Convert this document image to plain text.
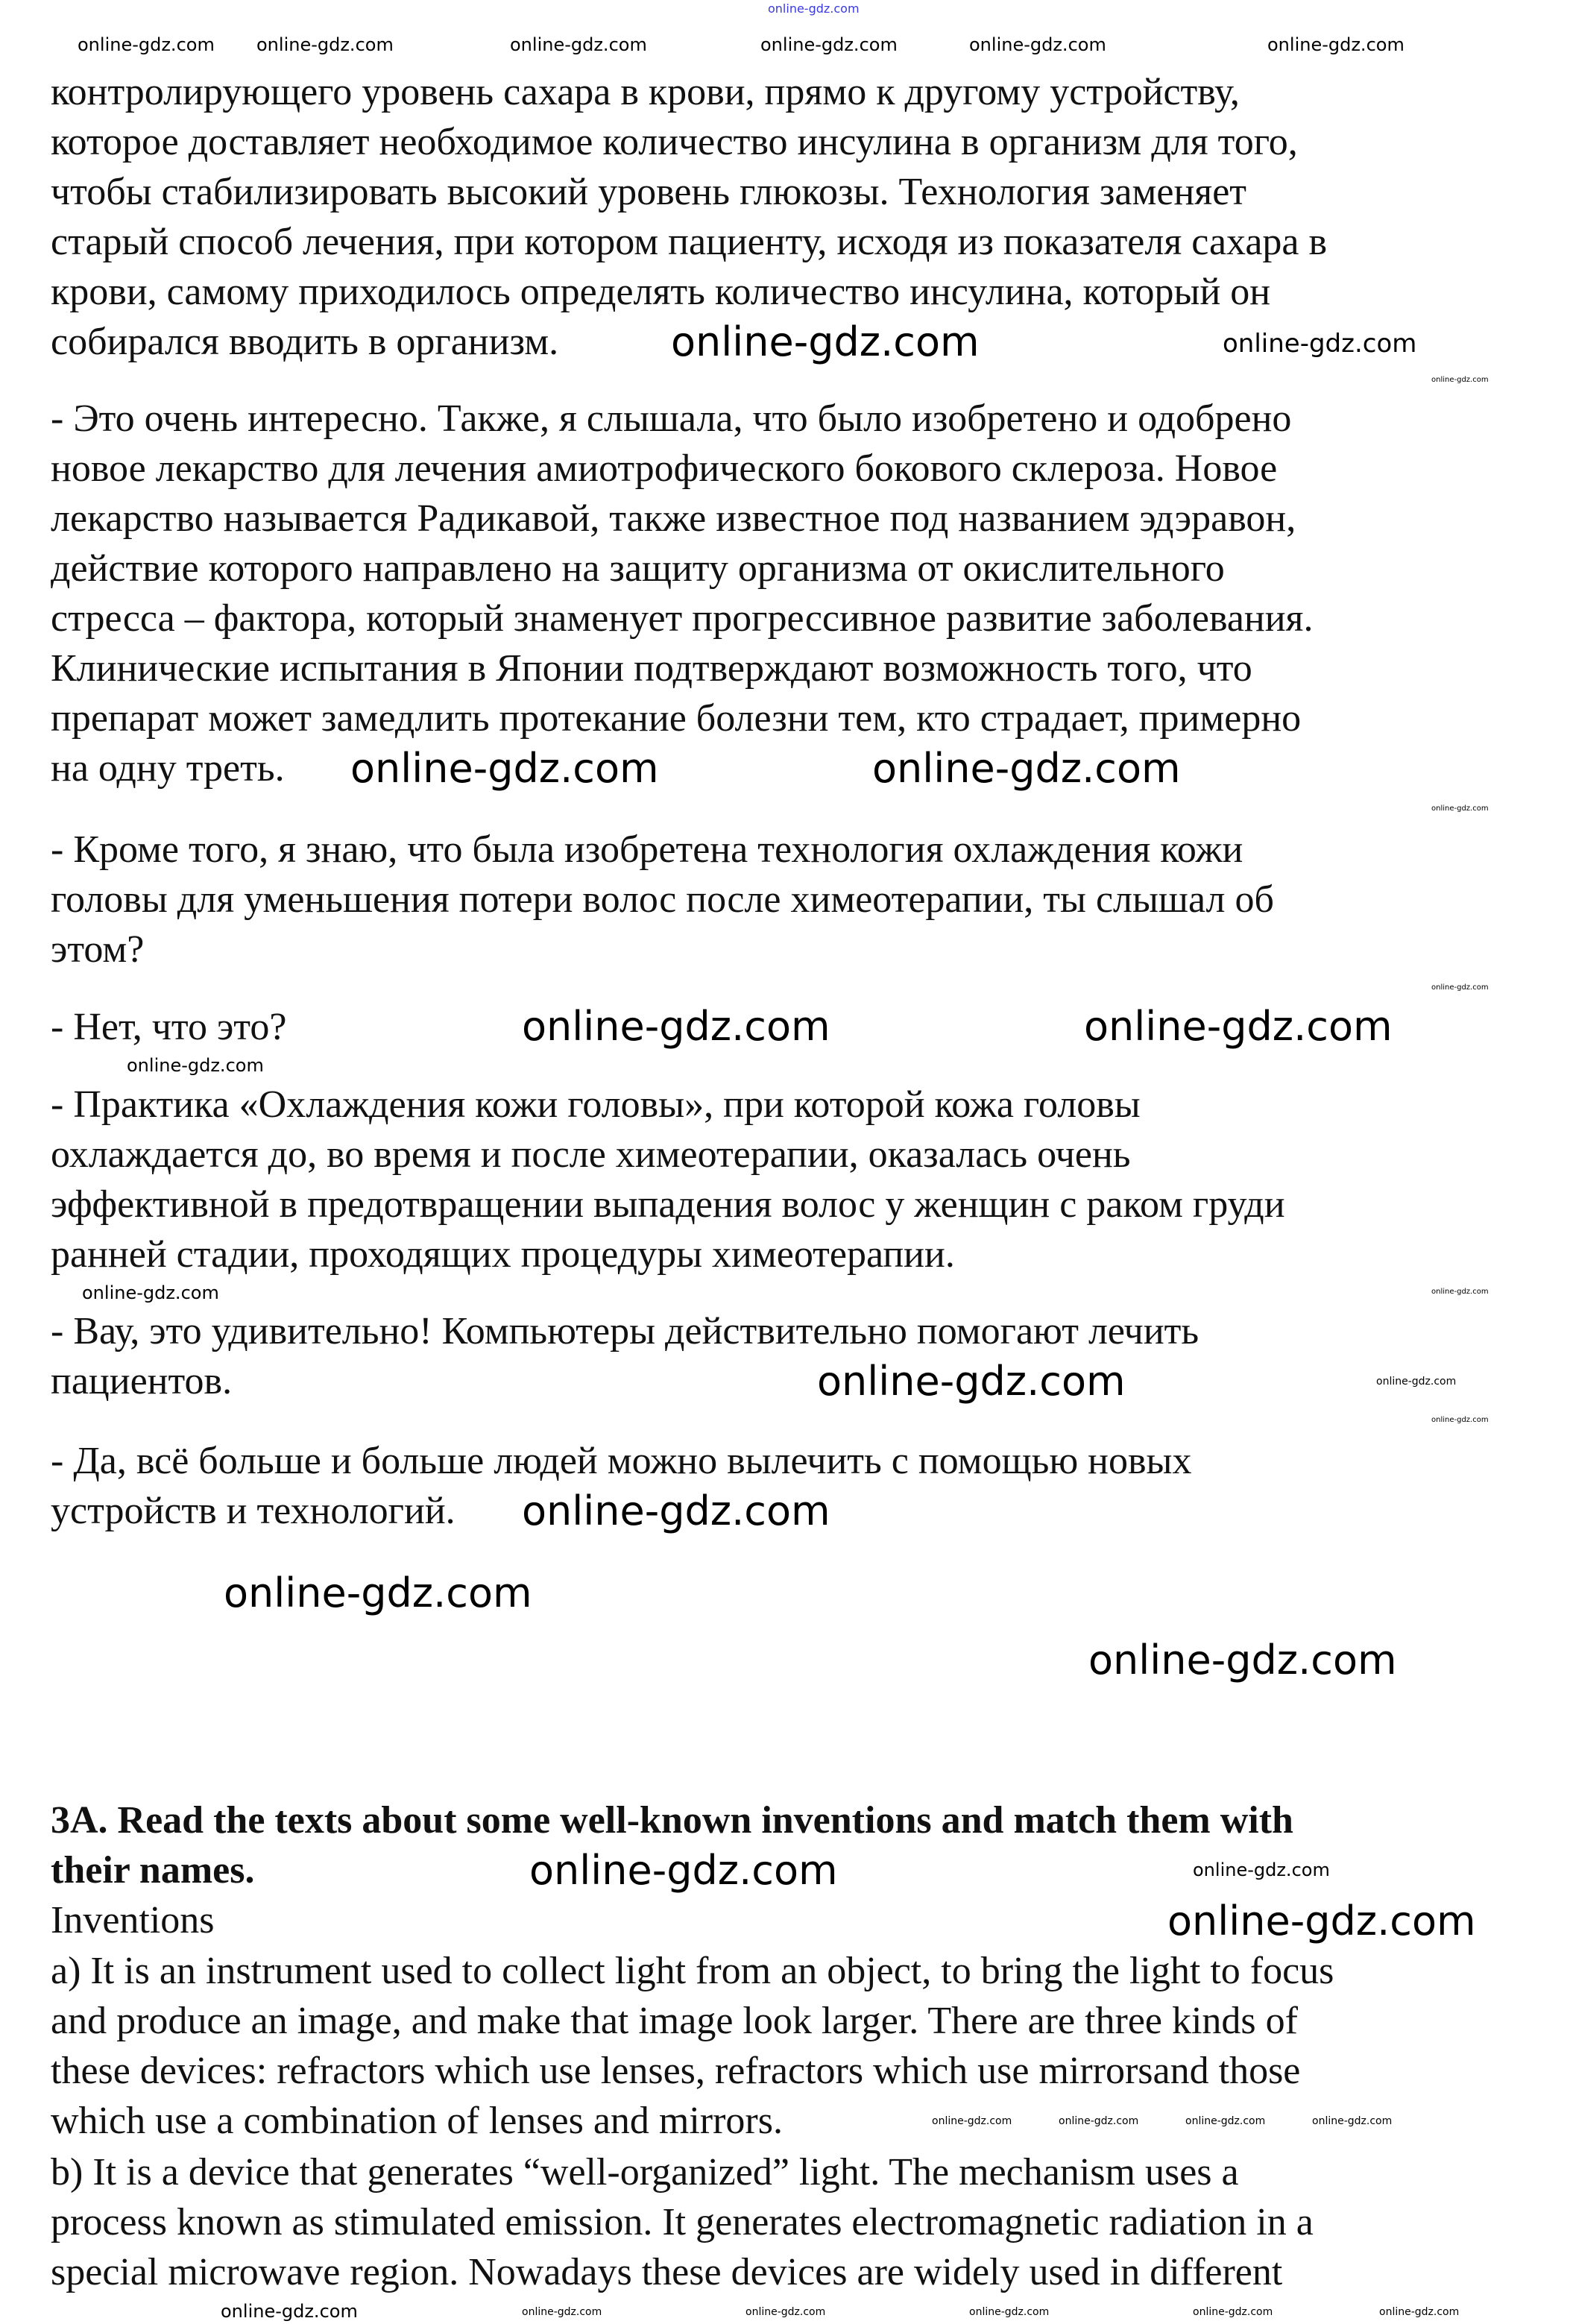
контролирующего уровень сахара в крови, прямо к другому устройству,
которое доставляет необходимое количество инсулина в организм для того,
чтобы стабилизировать высокий уровень глюкозы. Технология заменяет
старый способ лечения, при котором пациенту, исходя из показателя сахара в
крови, самому приходилось определять количество инсулина, который он
собирался вводить в организм.
- Это очень интересно. Также, я слышала, что было изобретено и одобрено
новое лекарство для лечения амиотрофического бокового склероза. Новое
лекарство называется Радикавой, также известное под названием эдэравон,
действие которого направлено на защиту организма от окислительного
стресса – фактора, который знаменует прогрессивное развитие заболевания.
Клинические испытания в Японии подтверждают возможность того, что
препарат может замедлить протекание болезни тем, кто страдает, примерно
на одну треть.
- Кроме того, я знаю, что была изобретена технология охлаждения кожи
головы для уменьшения потери волос после химеотерапии, ты слышал об
этом?
- Нет, что это?
- Практика «Охлаждения кожи головы», при которой кожа головы
охлаждается до, во время и после химеотерапии, оказалась очень
эффективной в предотвращении выпадения волос у женщин с раком груди
ранней стадии, проходящих процедуры химеотерапии.
- Вау, это удивительно! Компьютеры действительно помогают лечить
пациентов.
- Да, всё больше и больше людей можно вылечить с помощью новых
устройств и технологий.
3A. Read the texts about some well-known inventions and match them with
their names.
Inventions
a) It is an instrument used to collect light from an object, to bring the light to focus
and produce an image, and make that image look larger. There are three kinds of
these devices: refractors which use lenses, refractors which use mirrorsand those
which use a combination of lenses and mirrors.
b) It is a device that generates “well-organized” light. The mechanism uses a
process known as stimulated emission. It generates electromagnetic radiation in a
special microwave region. Nowadays these devices are widely used in different
online-gdz.com
online-gdz.com online-gdz.com	online-gdz.com	online-gdz.com	online-gdz.com	online-gdz.com
online-gdz.com	online-gdz.com
online-gdz.com
online-gdz.com	online-gdz.com
online-gdz.com
online-gdz.com
online-gdz.com	online-gdz.com
online-gdz.com
online-gdz.com	online-gdz.com
online-gdz.com	online-gdz.com
online-gdz.com
online-gdz.com
online-gdz.com
online-gdz.com
online-gdz.com	online-gdz.com
online-gdz.com
online-gdz.com	online-gdz.com	online-gdz.com	online-gdz.com
online-gdz.com	online-gdz.com	online-gdz.com	online-gdz.com	online-gdz.com	online-gdz.com
